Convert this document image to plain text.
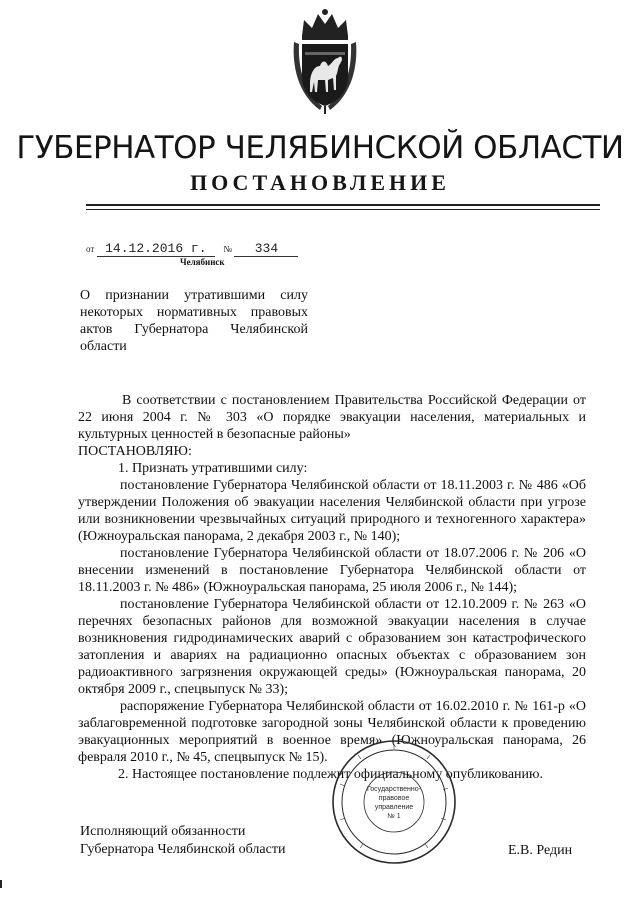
ГУБЕРНАТОР ЧЕЛЯБИНСКОЙ ОБЛАСТИ
ПОСТАНОВЛЕНИЕ
от 14.12.2016 г. № 334
Челябинск
О признании утратившими силу некоторых нормативных правовых актов Губернатора Челябинской области

В соответствии с постановлением Правительства Российской Федерации от 22 июня 2004 г. № 303 «О порядке эвакуации населения, материальных и культурных ценностей в безопасные районы»

ПОСТАНОВЛЯЮ:

1. Признать утратившими силу:

постановление Губернатора Челябинской области от 18.11.2003 г. № 486 «Об утверждении Положения об эвакуации населения Челябинской области при угрозе или возникновении чрезвычайных ситуаций природного и техногенного характера» (Южноуральская панорама, 2 декабря 2003 г., № 140);

постановление Губернатора Челябинской области от 18.07.2006 г. № 206 «О внесении изменений в постановление Губернатора Челябинской области от 18.11.2003 г. № 486» (Южноуральская панорама, 25 июля 2006 г., № 144);

постановление Губернатора Челябинской области от 12.10.2009 г. № 263 «О перечнях безопасных районов для возможной эвакуации населения в случае возникновения гидродинамических аварий с образованием зон катастрофического затопления и авариях на радиационно опасных объектах с образованием зон радиоактивного загрязнения окружающей среды» (Южноуральская панорама, 20 октября 2009 г., спецвыпуск № 33);

распоряжение Губернатора Челябинской области от 16.02.2010 г. № 161-р «О заблаговременной подготовке загородной зоны Челябинской области к проведению эвакуационных мероприятий в военное время» (Южноуральская панорама, 26 февраля 2010 г., № 45, спецвыпуск № 15).

2. Настоящее постановление подлежит официальному опубликованию.

Исполняющий обязанности
Губернатора Челябинской области	Е.В. Редин
Государственно-
правовое
управление
№ 1
